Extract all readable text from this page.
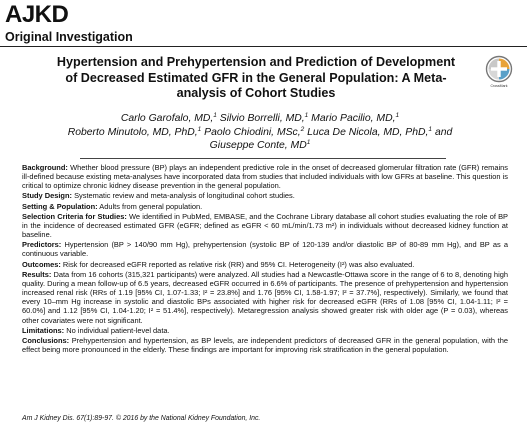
AJKD
Original Investigation
Hypertension and Prehypertension and Prediction of Development of Decreased Estimated GFR in the General Population: A Meta-analysis of Cohort Studies	CrossMark
Carlo Garofalo, MD,$^1$ Silvio Borrelli, MD,$^1$ Mario Pacilio, MD,$^1$
Roberto Minutolo, MD, PhD,$^1$ Paolo Chiodini, MSc,$^2$ Luca De Nicola, MD, PhD,$^1$ and
Giuseppe Conte, $MD^1$

Background: Whether blood pressure (BP) plays an independent predictive role in the onset of decreased glomerular filtration rate (GFR) remains ill-defined because existing meta-analyses have incorporated data from studies that included individuals with low GFRs at baseline. This question is critical to optimize chronic kidney disease prevention in the general population.

Study Design: Systematic review and meta-analysis of longitudinal cohort studies.

Setting & Population: Adults from general population.

Selection Criteria for Studies: We identified in PubMed, EMBASE, and the Cochrane Library database all cohort studies evaluating the role of BP in the incidence of decreased estimated GFR (eGFR; defined as eGFR < 60 mL/min/1.73 m²) in individuals without decreased kidney function at baseline.

Predictors: Hypertension (BP > 140/90 mm Hg), prehypertension (systolic BP of 120-139 and/or diastolic BP of 80-89 mm Hg), and BP as a continuous variable.

Outcomes: Risk for decreased eGFR reported as relative risk (RR) and 95% CI. Heterogeneity (I²) was also evaluated.

Results: Data from 16 cohorts (315,321 participants) were analyzed. All studies had a Newcastle-Ottawa score in the range of 6 to 8, denoting high quality. During a mean follow-up of 6.5 years, decreased eGFR occurred in 6.6% of participants. The presence of prehypertension and hypertension increased renal risk (RRs of 1.19 [95% CI, 1.07-1.33; I² = 23.8%] and 1.76 [95% CI, 1.58-1.97; I² = 37.7%], respectively). Similarly, we found that every 10–mm Hg increase in systolic and diastolic BPs associated with higher risk for decreased eGFR (RRs of 1.08 [95% CI, 1.04-1.11; I² = 60.0%] and 1.12 [95% CI, 1.04-1.20; I² = 51.4%], respectively). Metaregression analysis showed greater risk with older age (P = 0.03), whereas other covariates were not significant.

Limitations: No individual patient-level data.

Conclusions: Prehypertension and hypertension, as BP levels, are independent predictors of decreased GFR in the general population, with the effect being more pronounced in the elderly. These findings are important for improving risk stratification in the general population.

Am J Kidney Dis. 67(1):89-97. © 2016 by the National Kidney Foundation, Inc.
